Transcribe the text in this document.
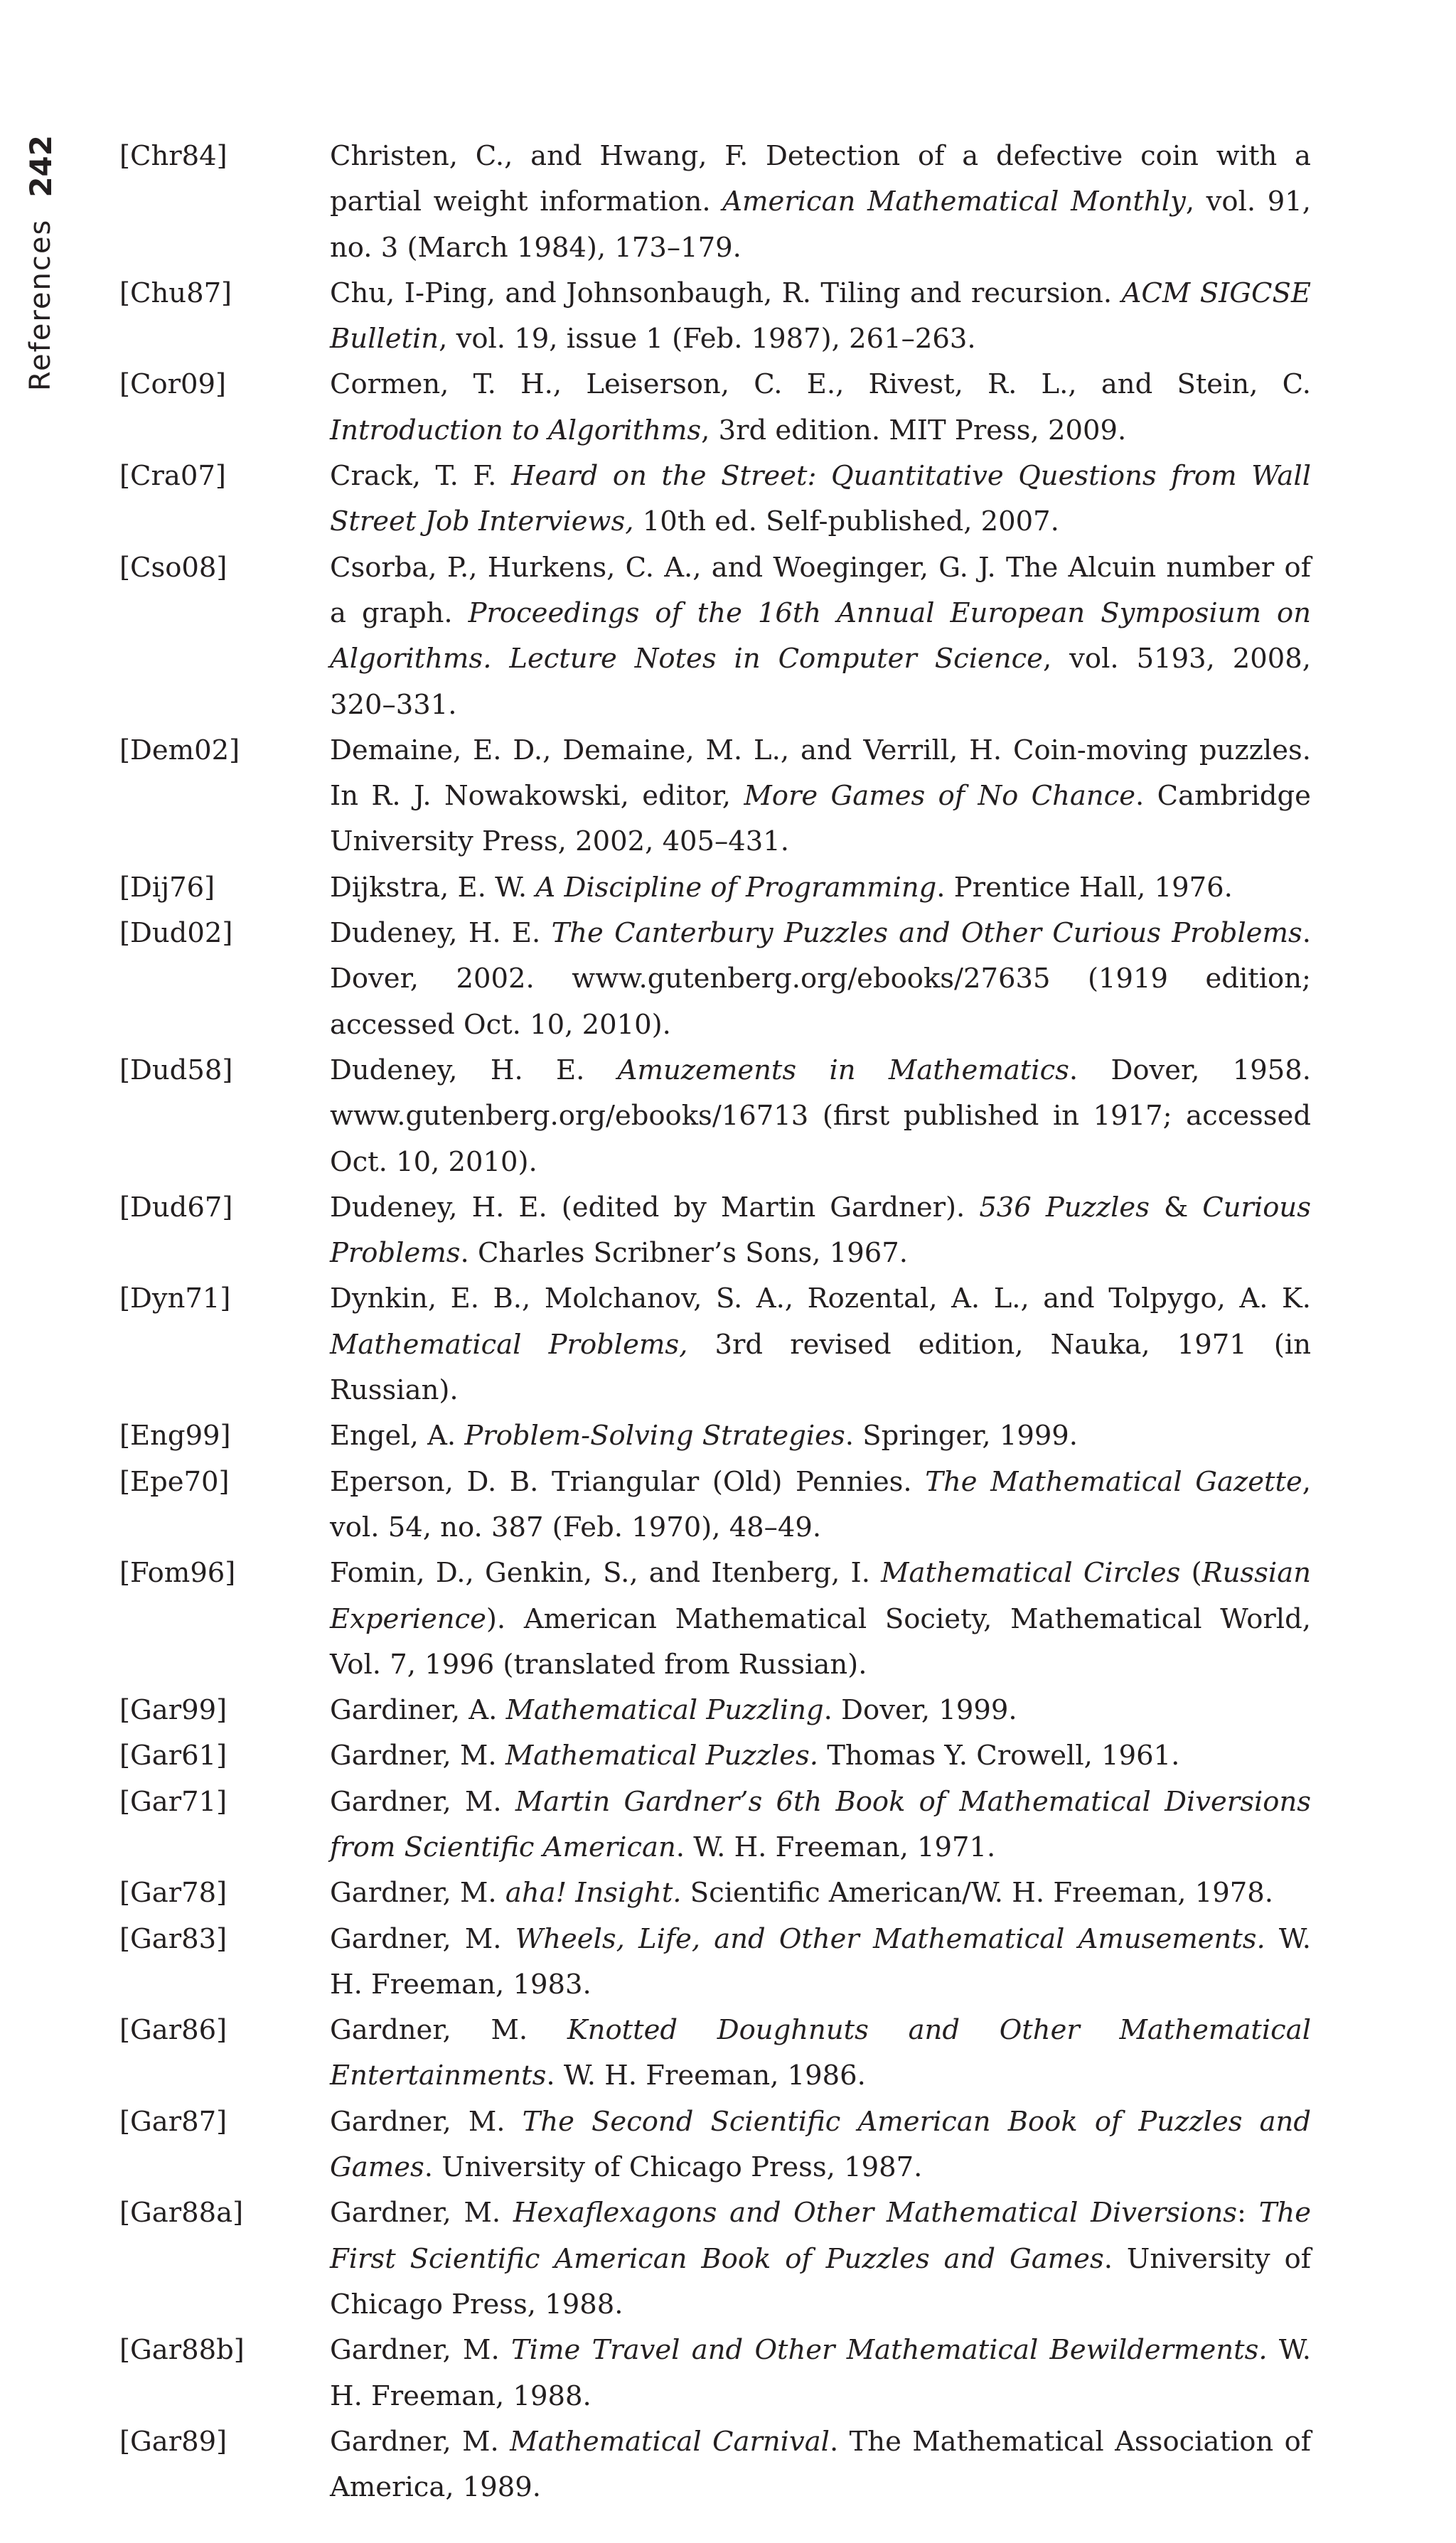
References
242 [Chr84]	Christen, C., and Hwang, F. Detection of a defective coin with a partial weight information. American Mathematical Monthly, vol. 91, no. 3 (March 1984), 173–179.
[Chu87]	Chu, I-Ping, and Johnsonbaugh, R. Tiling and recursion. ACM SIGCSE Bulletin, vol. 19, issue 1 (Feb. 1987), 261–263.
[Cor09]	Cormen, T. H., Leiserson, C. E., Rivest, R. L., and Stein, C. Introduction to Algorithms, 3rd edition. MIT Press, 2009.
[Cra07]	Crack, T. F. Heard on the Street: Quantitative Questions from Wall Street Job Interviews, 10th ed. Self-published, 2007.
[Cso08]	Csorba, P., Hurkens, C. A., and Woeginger, G. J. The Alcuin number of a graph. Proceedings of the 16th Annual European Symposium on Algorithms. Lecture Notes in Computer Science, vol. 5193, 2008, 320–331.
[Dem02]	Demaine, E. D., Demaine, M. L., and Verrill, H. Coin-moving puzzles. In R. J. Nowakowski, editor, More Games of No Chance. Cambridge University Press, 2002, 405–431.
[Dij76]	Dijkstra, E. W. A Discipline of Programming. Prentice Hall, 1976.
[Dud02]	Dudeney, H. E. The Canterbury Puzzles and Other Curious Problems. Dover, 2002. www.gutenberg.org/ebooks/27635 (1919 edition; accessed Oct. 10, 2010).
[Dud58]	Dudeney, H. E. Amuzements in Mathematics. Dover, 1958. www.gutenberg.org/ebooks/16713 (first published in 1917; accessed Oct. 10, 2010).
[Dud67]	Dudeney, H. E. (edited by Martin Gardner). 536 Puzzles & Curious Problems. Charles Scribner’s Sons, 1967.
[Dyn71]	Dynkin, E. B., Molchanov, S. A., Rozental, A. L., and Tolpygo, A. K. Mathematical Problems, 3rd revised edition, Nauka, 1971 (in Russian).
[Eng99]	Engel, A. Problem-Solving Strategies. Springer, 1999.
[Epe70]	Eperson, D. B. Triangular (Old) Pennies. The Mathematical Gazette, vol. 54, no. 387 (Feb. 1970), 48–49.
[Fom96]	Fomin, D., Genkin, S., and Itenberg, I. Mathematical Circles (Russian Experience). American Mathematical Society, Mathematical World, Vol. 7, 1996 (translated from Russian).
[Gar99]	Gardiner, A. Mathematical Puzzling. Dover, 1999.
[Gar61]	Gardner, M. Mathematical Puzzles. Thomas Y. Crowell, 1961.
[Gar71]	Gardner, M. Martin Gardner’s 6th Book of Mathematical Diversions from Scientific American. W. H. Freeman, 1971.
[Gar78]	Gardner, M. aha! Insight. Scientific American/W. H. Freeman, 1978.
[Gar83]	Gardner, M. Wheels, Life, and Other Mathematical Amusements. W. H. Freeman, 1983.
[Gar86]	Gardner, M. Knotted Doughnuts and Other Mathematical Entertainments. W. H. Freeman, 1986.
[Gar87]	Gardner, M. The Second Scientific American Book of Puzzles and Games. University of Chicago Press, 1987.
[Gar88a]	Gardner, M. Hexaflexagons and Other Mathematical Diversions: The First Scientific American Book of Puzzles and Games. University of Chicago Press, 1988.
[Gar88b]	Gardner, M. Time Travel and Other Mathematical Bewilderments. W. H. Freeman, 1988.
[Gar89]	Gardner, M. Mathematical Carnival. The Mathematical Association of America, 1989.
